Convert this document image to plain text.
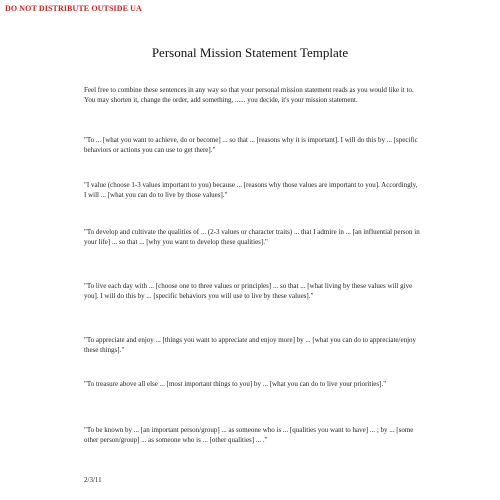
DO NOT DISTRIBUTE OUTSIDE UA
Personal Mission Statement Template
Feel free to combine these sentences in any way so that your personal mission statement reads as you would like it to. You may shorten it, change the order, add something, ...... you decide, it's your mission statement.
"To ... [what you want to achieve, do or become] ... so that ... [reasons why it is important]. I will do this by ... [specific behaviors or actions you can use to get there]."
"I value (choose 1-3 values important to you) because ... [reasons why those values are important to you]. Accordingly, I will ... [what you can do to live by those values]."
"To develop and cultivate the qualities of ... (2-3 values or character traits) ... that I admire in ... [an influential person in your life] ... so that ... [why you want to develop these qualities]."
"To live each day with ... [choose one to three values or principles] ... so that ... [what living by these values will give you]. I will do this by ... [specific behaviors you will use to live by these values]."
"To appreciate and enjoy ... [things you want to appreciate and enjoy more] by ... [what you can do to appreciate/enjoy these things]."
"To treasure above all else ... [most important things to you] by ... [what you can do to live your priorities]."
"To be known by ... [an important person/group] ... as someone who is ... [qualities you want to have] ... ; by ... [some other person/group] ... as someone who is ... [other qualities] ... ."
2/3/11
